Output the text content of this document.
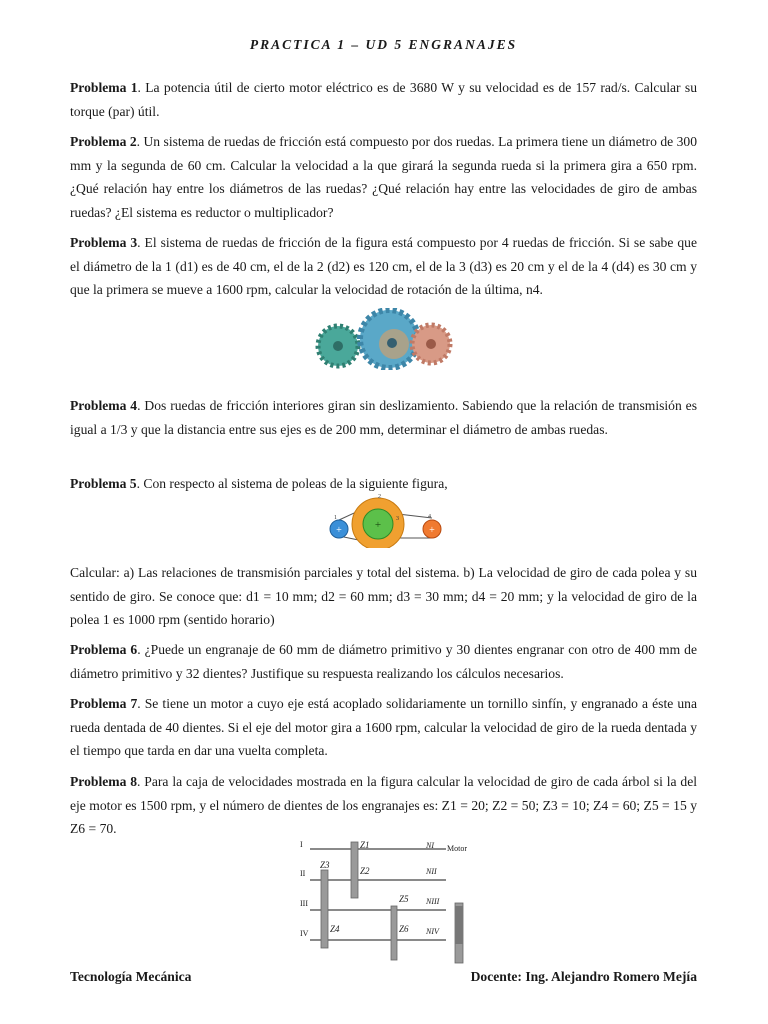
PRACTICA 1 – UD 5 ENGRANAJES
Problema 1. La potencia útil de cierto motor eléctrico es de 3680 W y su velocidad es de 157 rad/s. Calcular su torque (par) útil.
Problema 2. Un sistema de ruedas de fricción está compuesto por dos ruedas. La primera tiene un diámetro de 300 mm y la segunda de 60 cm. Calcular la velocidad a la que girará la segunda rueda si la primera gira a 650 rpm. ¿Qué relación hay entre los diámetros de las ruedas? ¿Qué relación hay entre las velocidades de giro de ambas ruedas? ¿El sistema es reductor o multiplicador?
Problema 3. El sistema de ruedas de fricción de la figura está compuesto por 4 ruedas de fricción. Si se sabe que el diámetro de la 1 (d1) es de 40 cm, el de la 2 (d2) es 120 cm, el de la 3 (d3) es 20 cm y el de la 4 (d4) es 30 cm y que la primera se mueve a 1600 rpm, calcular la velocidad de rotación de la última, n4.
Problema 4. Dos ruedas de fricción interiores giran sin deslizamiento. Sabiendo que la relación de transmisión es igual a 1/3 y que la distancia entre sus ejes es de 200 mm, determinar el diámetro de ambas ruedas.
Problema 5. Con respecto al sistema de poleas de la siguiente figura,
+	+	+
1
2
3	4
Calcular: a) Las relaciones de transmisión parciales y total del sistema. b) La velocidad de giro de cada polea y su sentido de giro. Se conoce que: d1 = 10 mm; d2 = 60 mm; d3 = 30 mm; d4 = 20 mm; y la velocidad de giro de la polea 1 es 1000 rpm (sentido horario)
Problema 6. ¿Puede un engranaje de 60 mm de diámetro primitivo y 30 dientes engranar con otro de 400 mm de diámetro primitivo y 32 dientes? Justifique su respuesta realizando los cálculos necesarios.
Problema 7. Se tiene un motor a cuyo eje está acoplado solidariamente un tornillo sinfín, y engranado a éste una rueda dentada de 40 dientes. Si el eje del motor gira a 1600 rpm, calcular la velocidad de giro de la rueda dentada y el tiempo que tarda en dar una vuelta completa.
Problema 8. Para la caja de velocidades mostrada en la figura calcular la velocidad de giro de cada árbol si la del eje motor es 1500 rpm, y el número de dientes de los engranajes es: Z1 = 20; Z2 = 50; Z3 = 10; Z4 = 60; Z5 = 15 y Z6 = 70.
I
II
III
IV
Z1
Z2
Z3
Z4
Z5
Z6
NI
NII
NIII
NIV
Motor
Tecnología Mecánica	Docente: Ing. Alejandro Romero Mejía
